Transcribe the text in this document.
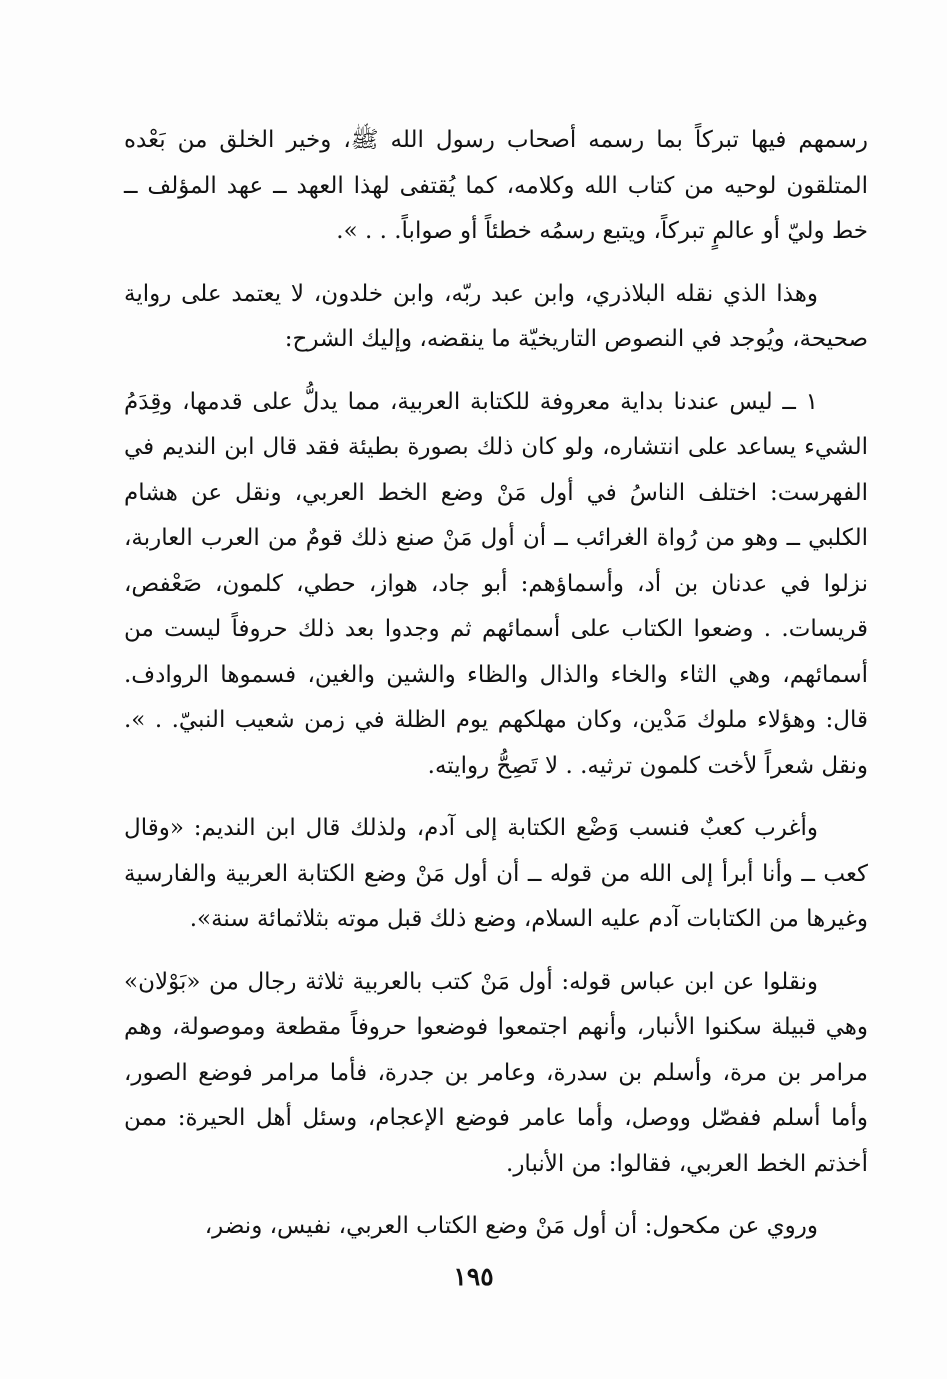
رسمهم فيها تبركاً بما رسمه أصحاب رسول الله ﷺ، وخير الخلق من بَعْده المتلقون لوحيه من كتاب الله وكلامه، كما يُقتفى لهذا العهد ــ عهد المؤلف ــ خط وليّ أو عالمٍ تبركاً، ويتبع رسمُه خطئاً أو صواباً. . . ».

وهذا الذي نقله البلاذري، وابن عبد ربّه، وابن خلدون، لا يعتمد على رواية صحيحة، ويُوجد في النصوص التاريخيّة ما ينقضه، وإليك الشرح:

١ ــ ليس عندنا بداية معروفة للكتابة العربية، مما يدلُّ على قدمها، وقِدَمُ الشيء يساعد على انتشاره، ولو كان ذلك بصورة بطيئة فقد قال ابن النديم في الفهرست: اختلف الناسُ في أول مَنْ وضع الخط العربي، ونقل عن هشام الكلبي ــ وهو من رُواة الغرائب ــ أن أول مَنْ صنع ذلك قومٌ من العرب العاربة، نزلوا في عدنان بن أد، وأسماؤهم: أبو جاد، هواز، حطي، كلمون، صَعْفص، قريسات. . وضعوا الكتاب على أسمائهم ثم وجدوا بعد ذلك حروفاً ليست من أسمائهم، وهي الثاء والخاء والذال والظاء والشين والغين، فسموها الروادف. قال: وهؤلاء ملوك مَدْين، وكان مهلكهم يوم الظلة في زمن شعيب النبيّ. . ». ونقل شعراً لأخت كلمون ترثيه. . لا تَصِحُّ روايته.

وأغرب كعبٌ فنسب وَضْع الكتابة إلى آدم، ولذلك قال ابن النديم: «وقال كعب ــ وأنا أبرأ إلى الله من قوله ــ أن أول مَنْ وضع الكتابة العربية والفارسية وغيرها من الكتابات آدم عليه السلام، وضع ذلك قبل موته بثلاثمائة سنة».

ونقلوا عن ابن عباس قوله: أول مَنْ كتب بالعربية ثلاثة رجال من «بَوْلان» وهي قبيلة سكنوا الأنبار، وأنهم اجتمعوا فوضعوا حروفاً مقطعة وموصولة، وهم مرامر بن مرة، وأسلم بن سدرة، وعامر بن جدرة، فأما مرامر فوضع الصور، وأما أسلم ففصّل ووصل، وأما عامر فوضع الإعجام، وسئل أهل الحيرة: ممن أخذتم الخط العربي، فقالوا: من الأنبار.

وروي عن مكحول: أن أول مَنْ وضع الكتاب العربي، نفيس، ونضر،

١٩٥
